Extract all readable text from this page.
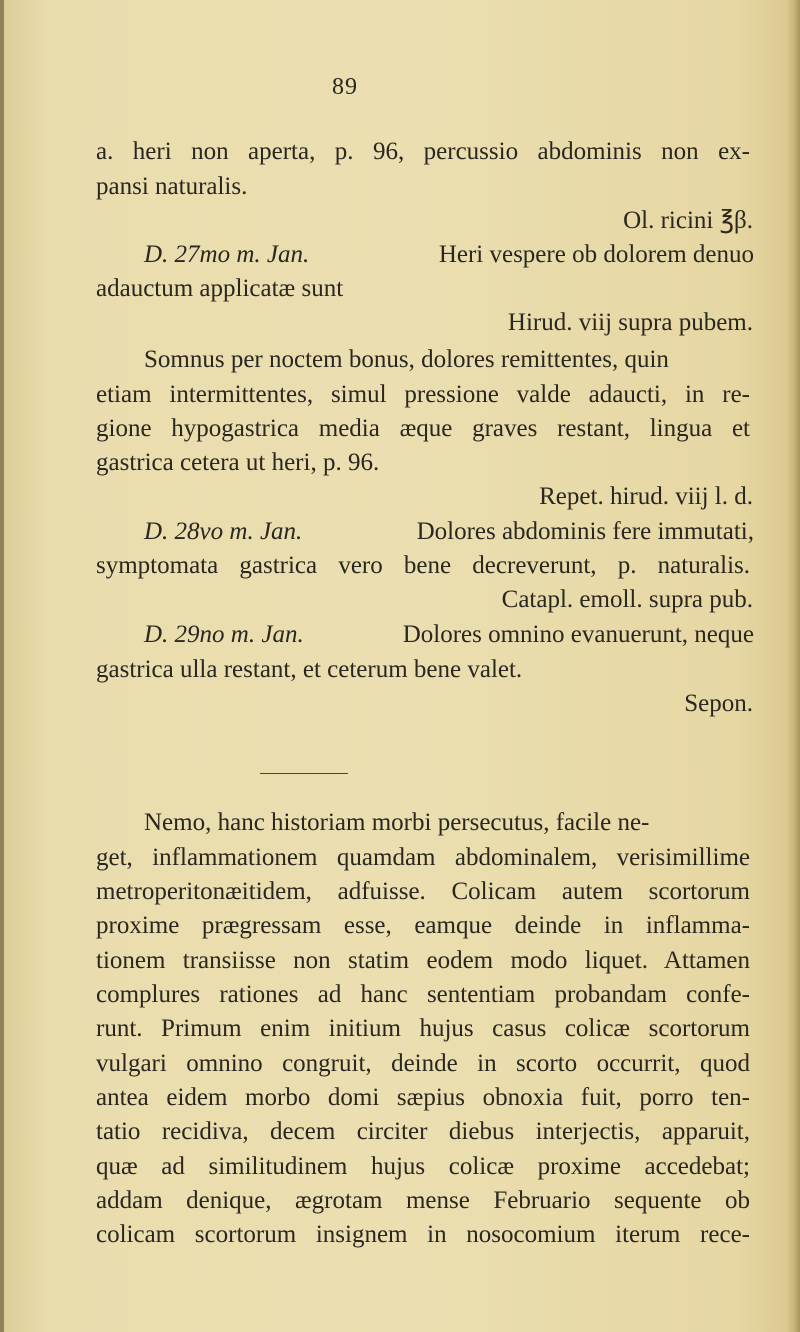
89
a. heri non aperta, p. 96, percussio abdominis non ex-
pansi naturalis.
Ol. ricini ℥β.
D. 27mo m. Jan.	Heri vespere ob dolorem denuo
adauctum applicatæ sunt
Hirud. viij supra pubem.
Somnus per noctem bonus, dolores remittentes, quin
etiam intermittentes, simul pressione valde adaucti, in re-
gione hypogastrica media æque graves restant, lingua et
gastrica cetera ut heri, p. 96.
Repet. hirud. viij l. d.
D. 28vo m. Jan.	Dolores abdominis fere immutati,
symptomata gastrica vero bene decreverunt, p. naturalis.
Catapl. emoll. supra pub.
D. 29no m. Jan.	Dolores omnino evanuerunt, neque
gastrica ulla restant, et ceterum bene valet.
Sepon.
Nemo, hanc historiam morbi persecutus, facile ne-
get, inflammationem quamdam abdominalem, verisimillime
metroperitonæitidem, adfuisse. Colicam autem scortorum
proxime prægressam esse, eamque deinde in inflamma-
tionem transiisse non statim eodem modo liquet. Attamen
complures rationes ad hanc sententiam probandam confe-
runt. Primum enim initium hujus casus colicæ scortorum
vulgari omnino congruit, deinde in scorto occurrit, quod
antea eidem morbo domi sæpius obnoxia fuit, porro ten-
tatio recidiva, decem circiter diebus interjectis, apparuit,
quæ ad similitudinem hujus colicæ proxime accedebat;
addam denique, ægrotam mense Februario sequente ob
colicam scortorum insignem in nosocomium iterum rece-
